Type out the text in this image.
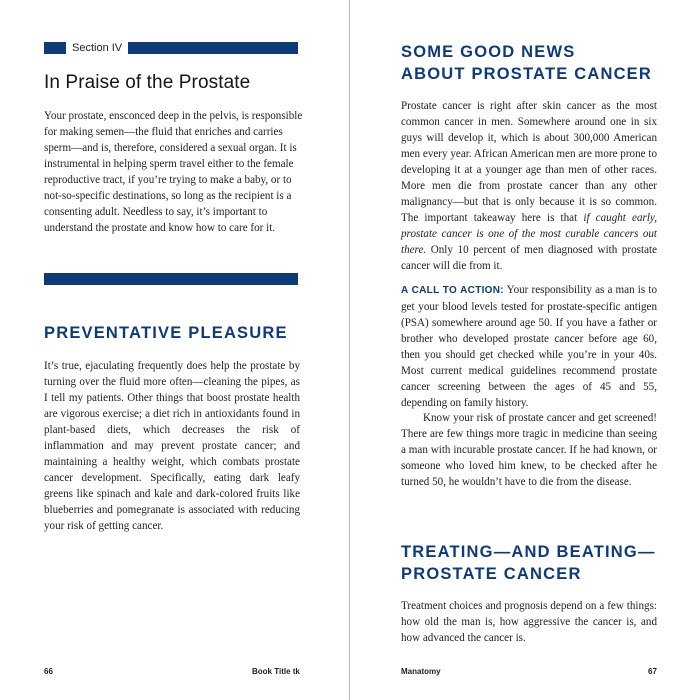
Section IV
In Praise of the Prostate

Your prostate, ensconced deep in the pelvis, is responsible for making semen—the fluid that enriches and carries sperm—and is, therefore, considered a sexual organ. It is instrumental in helping sperm travel either to the female reproductive tract, if you’re trying to make a baby, or to not-so-specific destinations, so long as the recipient is a consenting adult. Needless to say, it’s important to understand the prostate and know how to care for it.

PREVENTATIVE PLEASURE

It’s true, ejaculating frequently does help the prostate by turning over the fluid more often—cleaning the pipes, as I tell my patients. Other things that boost prostate health are vigorous exercise; a diet rich in antioxidants found in plant-based diets, which decreases the risk of inflammation and may prevent prostate cancer; and maintaining a healthy weight, which combats prostate cancer development. Specifically, eating dark leafy greens like spinach and kale and dark-colored fruits like blueberries and pomegranate is associated with reducing your risk of getting cancer.

66	Book Title tk
SOME GOOD NEWS
ABOUT PROSTATE CANCER

Prostate cancer is right after skin cancer as the most common cancer in men. Somewhere around one in six guys will develop it, which is about 300,000 American men every year. African American men are more prone to developing it at a younger age than men of other races. More men die from prostate cancer than any other malignancy—but that is only because it is so common. The important takeaway here is that if caught early, prostate cancer is one of the most curable cancers out there. Only 10 percent of men diagnosed with prostate cancer will die from it.

A CALL TO ACTION: Your responsibility as a man is to get your blood levels tested for prostate-specific antigen (PSA) somewhere around age 50. If you have a father or brother who developed prostate cancer before age 60, then you should get checked while you’re in your 40s. Most current medical guidelines recommend prostate cancer screening between the ages of 45 and 55, depending on family history.

Know your risk of prostate cancer and get screened! There are few things more tragic in medicine than seeing a man with incurable prostate cancer. If he had known, or someone who loved him knew, to be checked after he turned 50, he wouldn’t have to die from the disease.

TREATING—AND BEATING—
PROSTATE CANCER

Treatment choices and prognosis depend on a few things: how old the man is, how aggressive the cancer is, and how advanced the cancer is.

Manatomy	67
